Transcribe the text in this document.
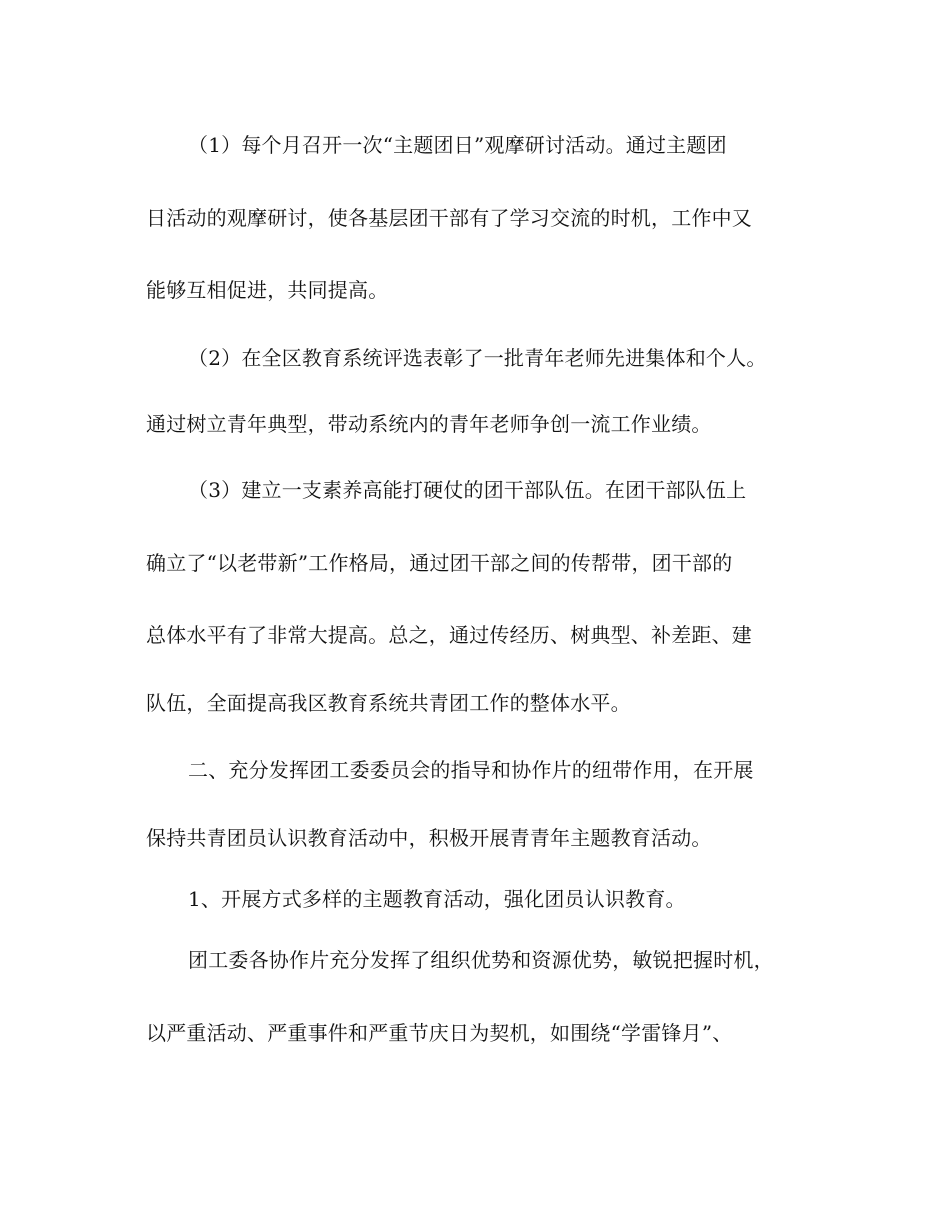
（1）每个月召开一次“主题团日”观摩研讨活动。通过主题团
日活动的观摩研讨，使各基层团干部有了学习交流的时机，工作中又
能够互相促进，共同提高。
（2）在全区教育系统评选表彰了一批青年老师先进集体和个人。
通过树立青年典型，带动系统内的青年老师争创一流工作业绩。
（3）建立一支素养高能打硬仗的团干部队伍。在团干部队伍上
确立了“以老带新”工作格局，通过团干部之间的传帮带，团干部的
总体水平有了非常大提高。总之，通过传经历、树典型、补差距、建
队伍，全面提高我区教育系统共青团工作的整体水平。
二、充分发挥团工委委员会的指导和协作片的纽带作用，在开展
保持共青团员认识教育活动中，积极开展青青年主题教育活动。
1、开展方式多样的主题教育活动，强化团员认识教育。
团工委各协作片充分发挥了组织优势和资源优势，敏锐把握时机，
以严重活动、严重事件和严重节庆日为契机，如围绕“学雷锋月”、
